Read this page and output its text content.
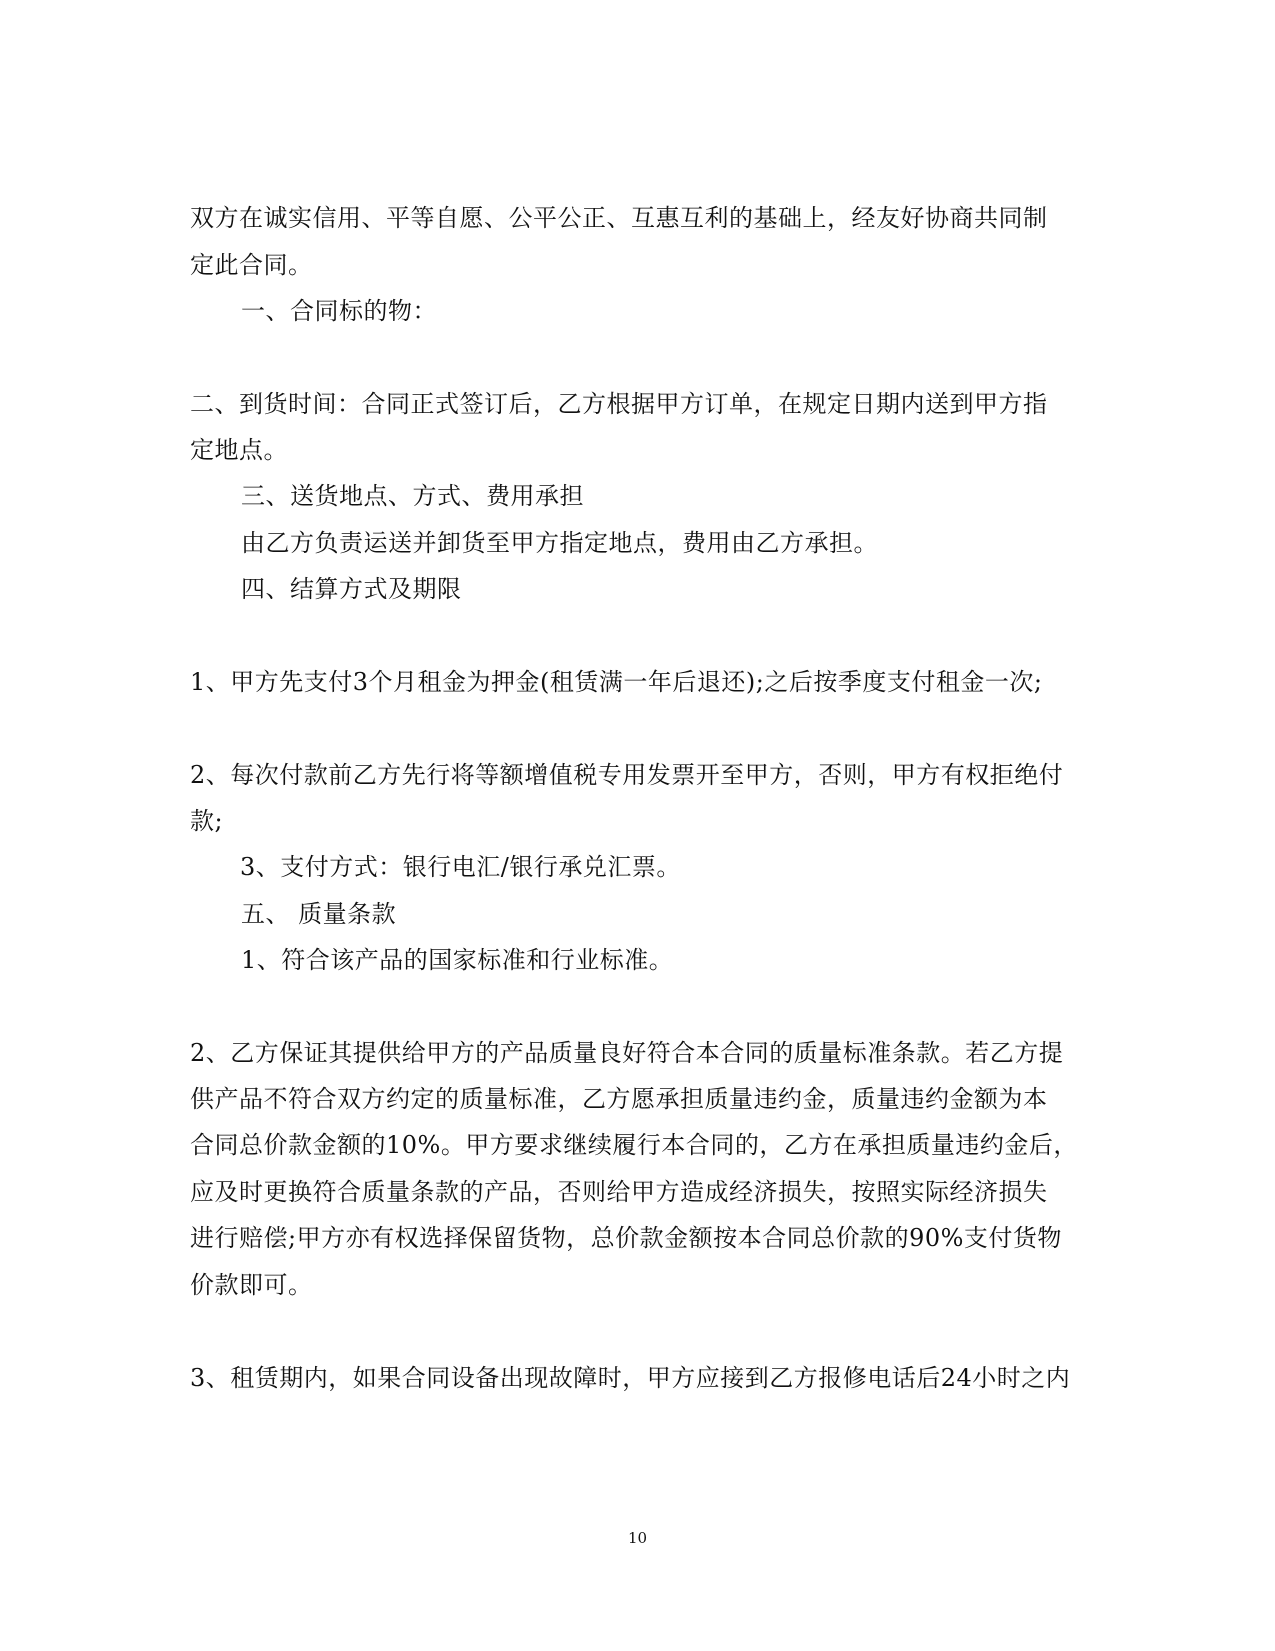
双方在诚实信用、平等自愿、公平公正、互惠互利的基础上，经友好协商共同制
定此合同。
一、合同标的物：
二、到货时间：合同正式签订后，乙方根据甲方订单，在规定日期内送到甲方指
定地点。
三、送货地点、方式、费用承担
由乙方负责运送并卸货至甲方指定地点，费用由乙方承担。
四、结算方式及期限
1、甲方先支付3个月租金为押金(租赁满一年后退还);之后按季度支付租金一次;
2、每次付款前乙方先行将等额增值税专用发票开至甲方，否则，甲方有权拒绝付
款;
3、支付方式：银行电汇/银行承兑汇票。
五、 质量条款
1、符合该产品的国家标准和行业标准。
2、乙方保证其提供给甲方的产品质量良好符合本合同的质量标准条款。若乙方提
供产品不符合双方约定的质量标准，乙方愿承担质量违约金，质量违约金额为本
合同总价款金额的10%。甲方要求继续履行本合同的，乙方在承担质量违约金后，
应及时更换符合质量条款的产品，否则给甲方造成经济损失，按照实际经济损失
进行赔偿;甲方亦有权选择保留货物，总价款金额按本合同总价款的90%支付货物
价款即可。
3、租赁期内，如果合同设备出现故障时，甲方应接到乙方报修电话后24小时之内
10
